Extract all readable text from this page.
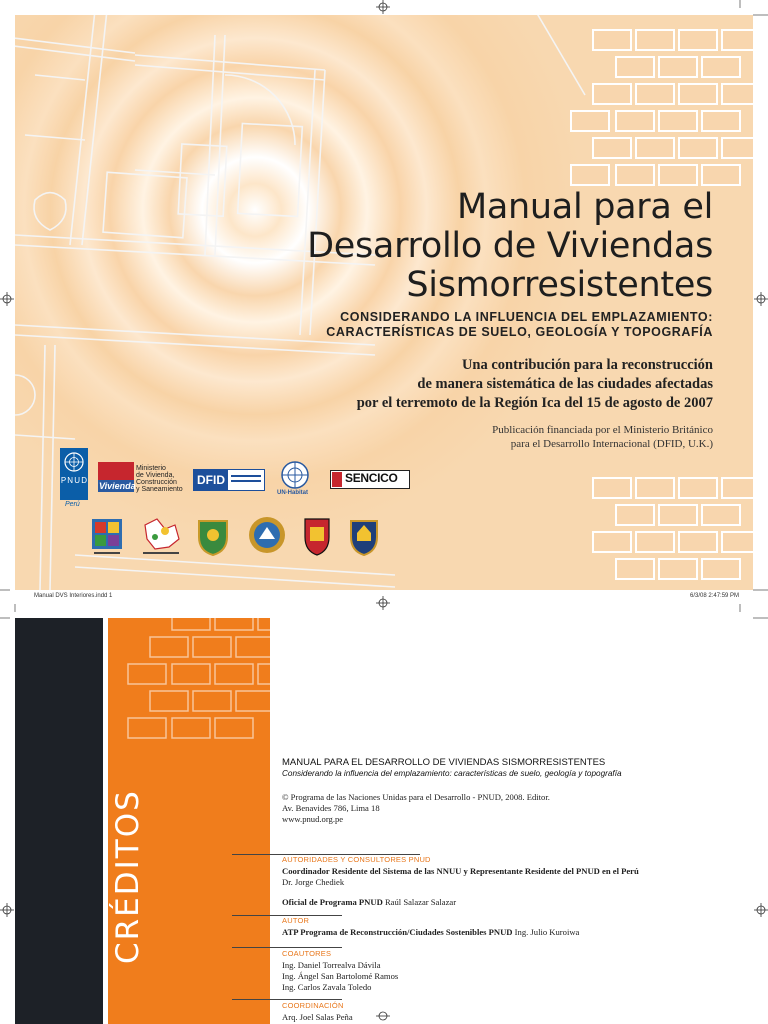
Manual para el
Desarrollo de Viviendas
Sismorresistentes
CONSIDERANDO LA INFLUENCIA DEL EMPLAZAMIENTO:
CARACTERÍSTICAS DE SUELO, GEOLOGÍA Y TOPOGRAFÍA
Una contribución para la reconstrucción
de manera sistemática de las ciudades afectadas
por el terremoto de la Región Ica del 15 de agosto de 2007
Publicación financiada por el Ministerio Británico
para el Desarrollo Internacional (DFID, U.K.)
P N U D
Perú
Vivienda
Ministerio
de Vivienda,
Construcción
y Saneamiento
DFID
UN-Habitat
SENCICO
Manual DVS Interiores.indd 1	6/3/08 2:47:59 PM
CRÉDITOS
MANUAL PARA EL DESARROLLO DE VIVIENDAS SISMORRESISTENTES
Considerando la influencia del emplazamiento: características de suelo, geología y topografía
© Programa de las Naciones Unidas para el Desarrollo - PNUD, 2008. Editor.
Av. Benavides 786, Lima 18
www.pnud.org.pe
AUTORIDADES Y CONSULTORES PNUD
Coordinador Residente del Sistema de las NNUU y Representante Residente del PNUD en el Perú
Dr. Jorge Chediek
Oficial de Programa PNUD Raúl Salazar Salazar
AUTOR
ATP Programa de Reconstrucción/Ciudades Sostenibles PNUD Ing. Julio Kuroiwa
COAUTORES
Ing. Daniel Torrealva Dávila
Ing. Ángel San Bartolomé Ramos
Ing. Carlos Zavala Toledo
COORDINACIÓN
Arq. Joel Salas Peña
